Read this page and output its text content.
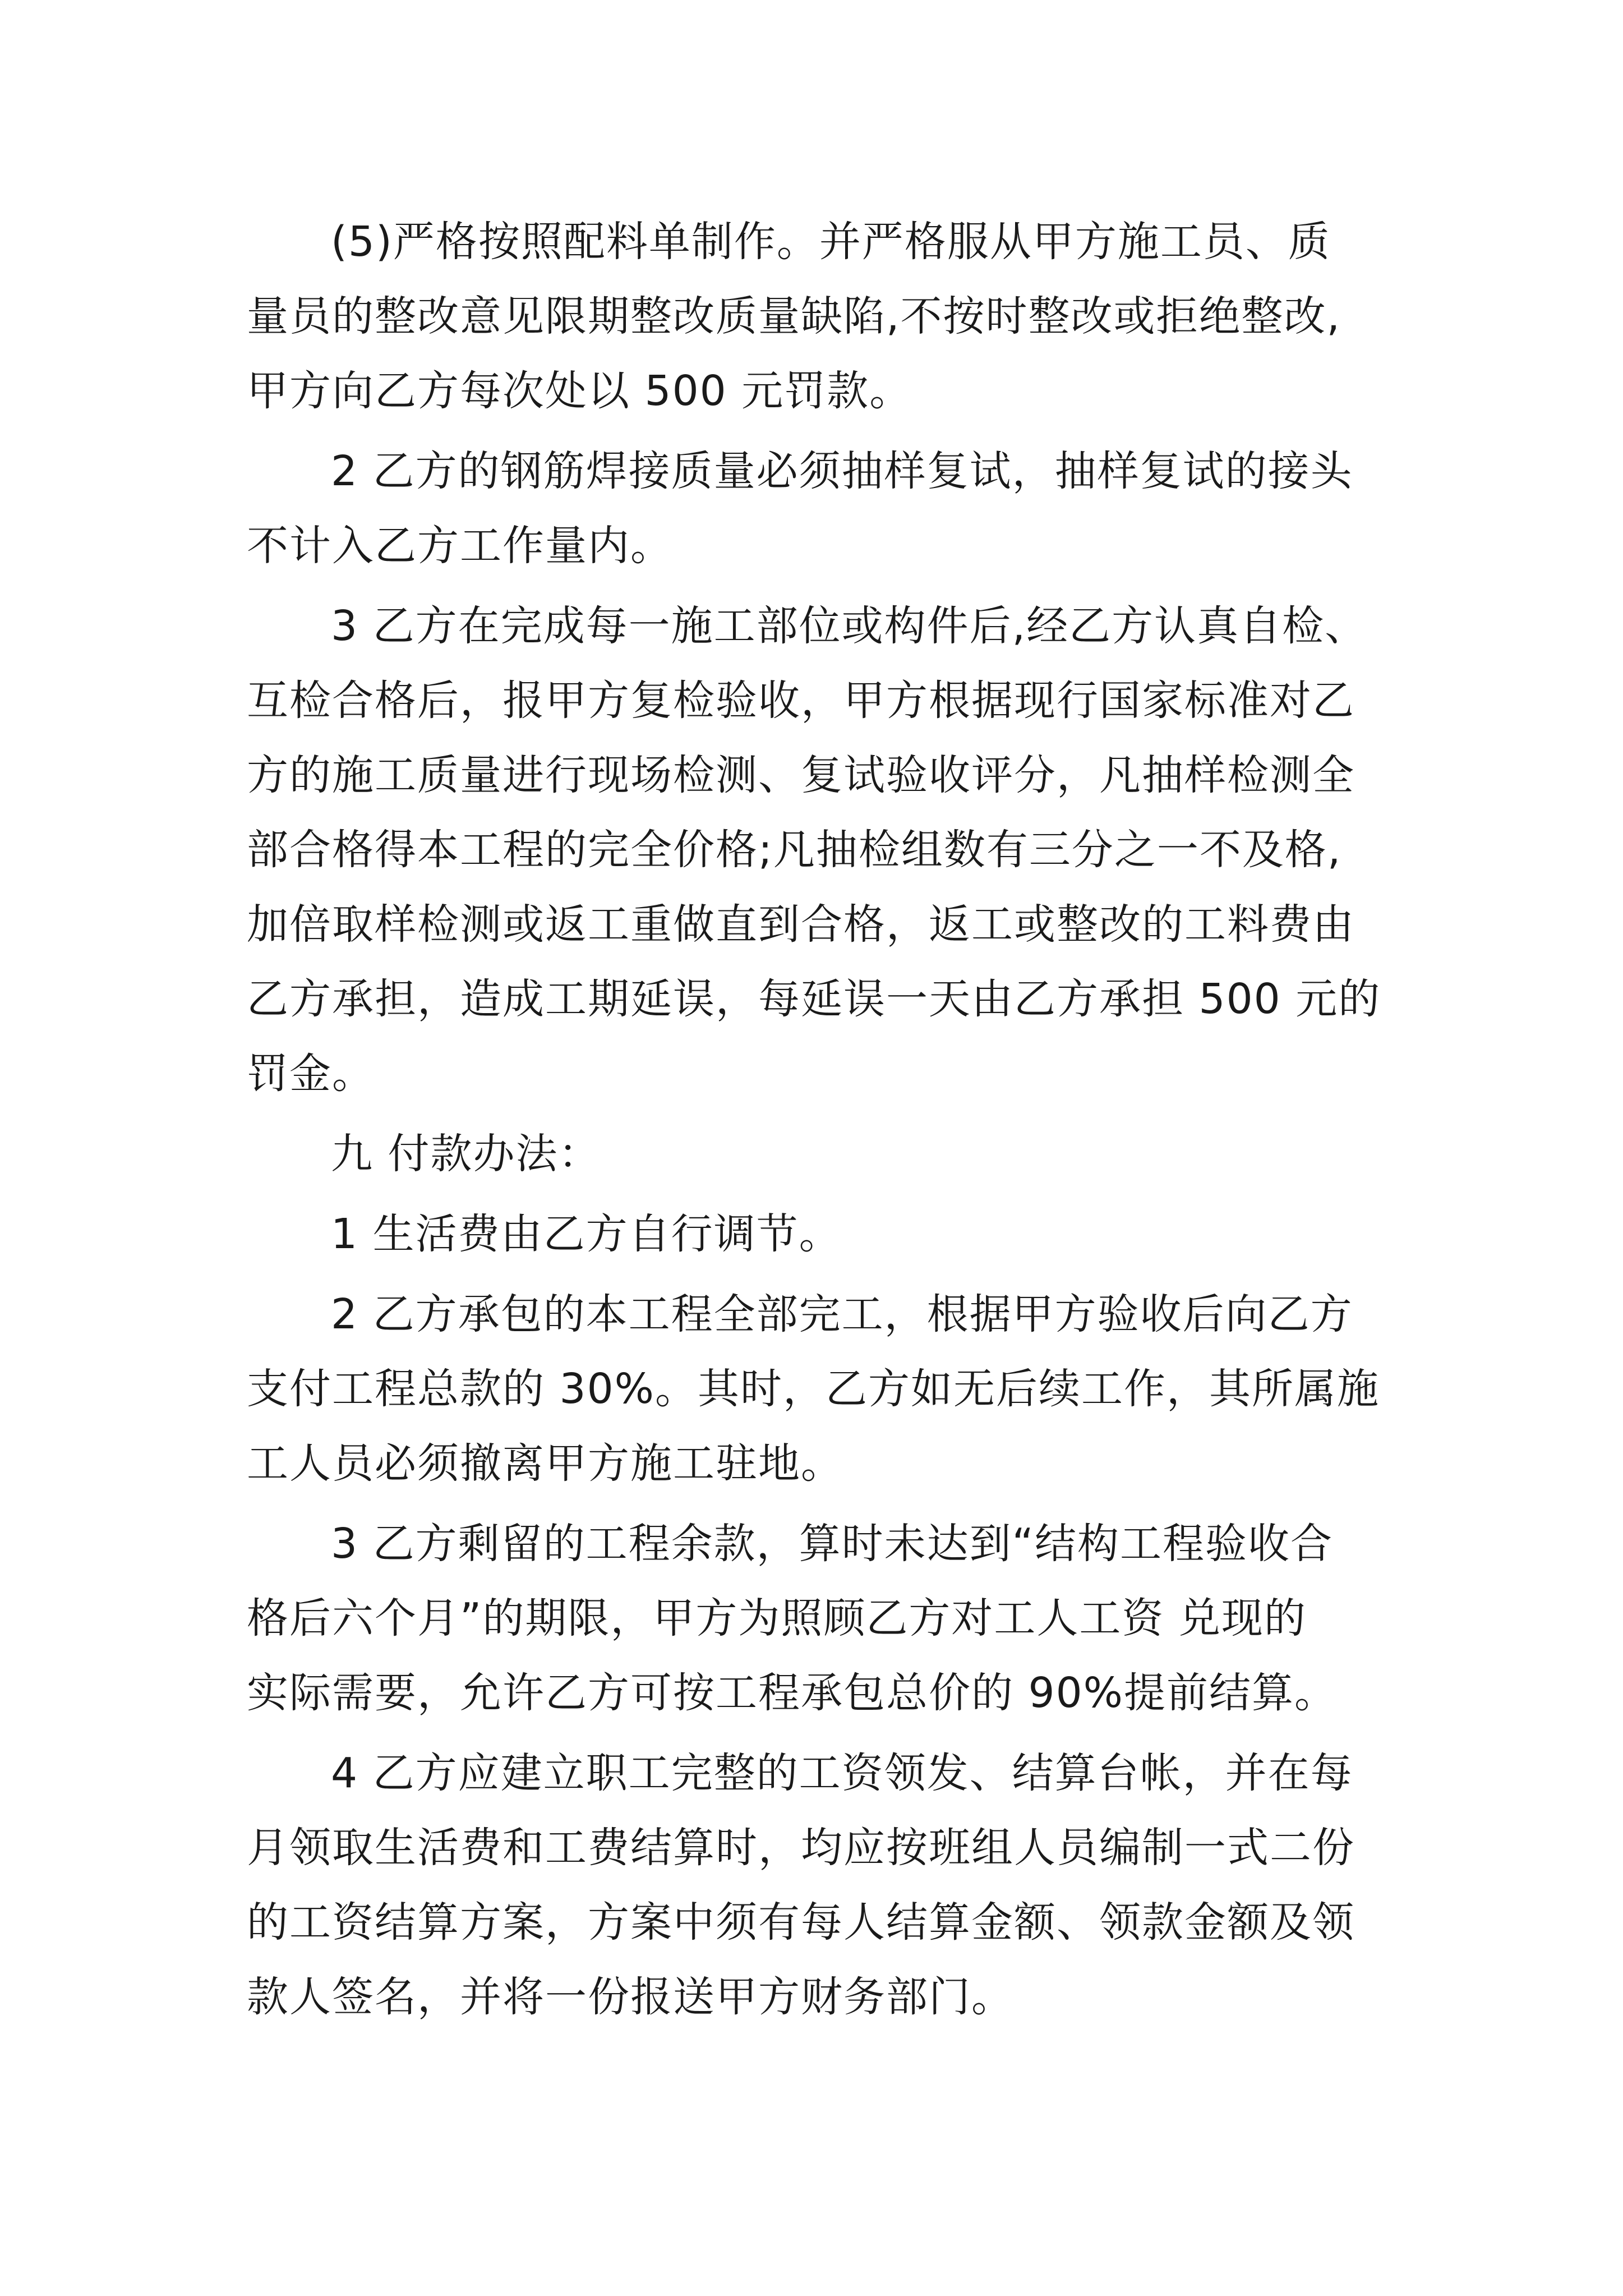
(5)严格按照配料单制作。并严格服从甲方施工员、质
量员的整改意见限期整改质量缺陷,不按时整改或拒绝整改,
甲方向乙方每次处以 500 元罚款。
2 乙方的钢筋焊接质量必须抽样复试，抽样复试的接头
不计入乙方工作量内。
3 乙方在完成每一施工部位或构件后,经乙方认真自检、
互检合格后，报甲方复检验收，甲方根据现行国家标准对乙
方的施工质量进行现场检测、复试验收评分，凡抽样检测全
部合格得本工程的完全价格;凡抽检组数有三分之一不及格,
加倍取样检测或返工重做直到合格，返工或整改的工料费由
乙方承担，造成工期延误，每延误一天由乙方承担 500 元的
罚金。
九 付款办法：
1 生活费由乙方自行调节。
2 乙方承包的本工程全部完工，根据甲方验收后向乙方
支付工程总款的 30%。其时，乙方如无后续工作，其所属施
工人员必须撤离甲方施工驻地。
3 乙方剩留的工程余款，算时未达到“结构工程验收合
格后六个月”的期限，甲方为照顾乙方对工人工资 兑现的
实际需要，允许乙方可按工程承包总价的 90%提前结算。
4 乙方应建立职工完整的工资领发、结算台帐，并在每
月领取生活费和工费结算时，均应按班组人员编制一式二份
的工资结算方案，方案中须有每人结算金额、领款金额及领
款人签名，并将一份报送甲方财务部门。
